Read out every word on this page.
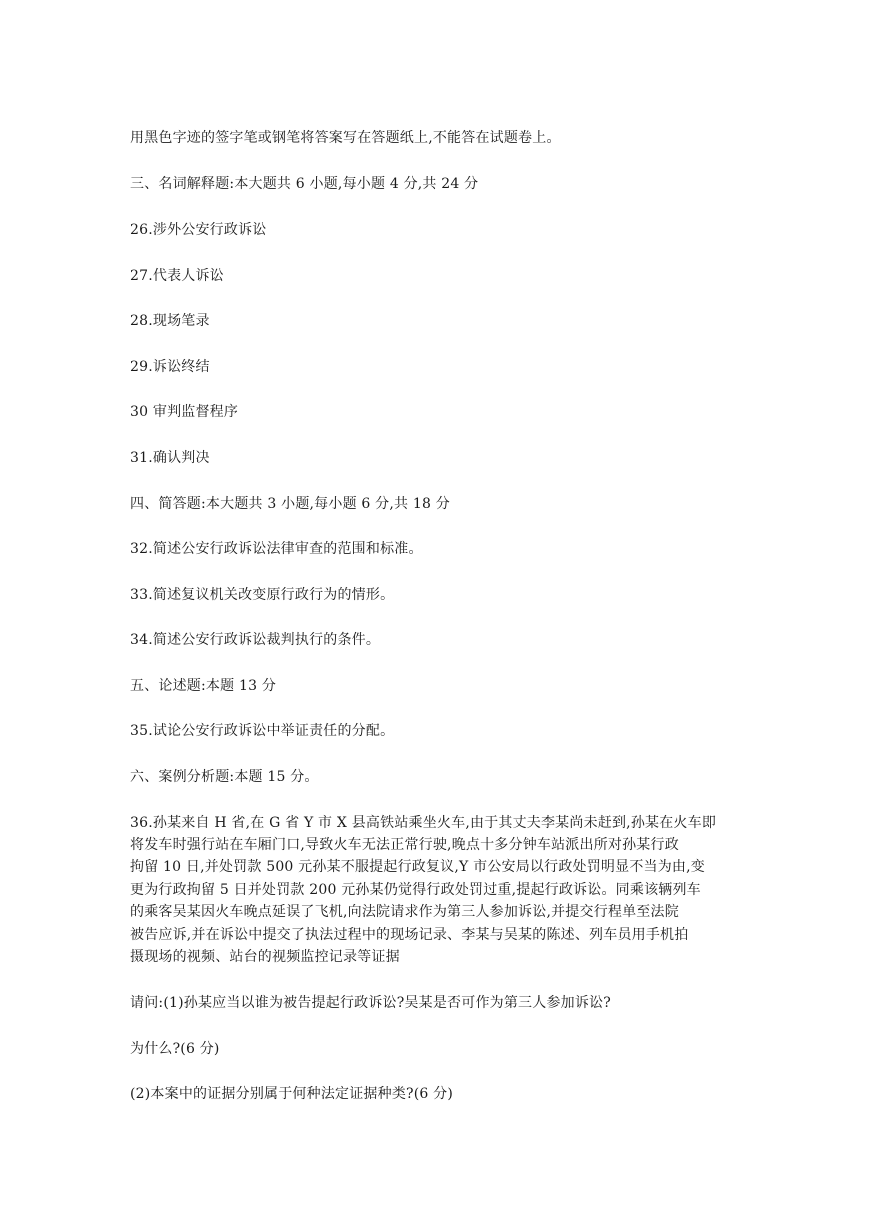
用黑色字迹的签字笔或钢笔将答案写在答题纸上,不能答在试题卷上。
三、名词解释题:本大题共 6 小题,每小题 4 分,共 24 分
26.涉外公安行政诉讼
27.代表人诉讼
28.现场笔录
29.诉讼终结
30 审判监督程序
31.确认判决
四、简答题:本大题共 3 小题,每小题 6 分,共 18 分
32.简述公安行政诉讼法律审查的范围和标准。
33.简述复议机关改变原行政行为的情形。
34.简述公安行政诉讼裁判执行的条件。
五、论述题:本题 13 分
35.试论公安行政诉讼中举证责任的分配。
六、案例分析题:本题 15 分。
36.孙某来自 H 省,在 G 省 Y 市 X 县高铁站乘坐火车,由于其丈夫李某尚未赶到,孙某在火车即
将发车时强行站在车厢门口,导致火车无法正常行驶,晚点十多分钟车站派出所对孙某行政
拘留 10 日,并处罚款 500 元孙某不服提起行政复议,Y 市公安局以行政处罚明显不当为由,变
更为行政拘留 5 日并处罚款 200 元孙某仍觉得行政处罚过重,提起行政诉讼。同乘该辆列车
的乘客吴某因火车晚点延误了飞机,向法院请求作为第三人参加诉讼,并提交行程单至法院
被告应诉,并在诉讼中提交了执法过程中的现场记录、李某与吴某的陈述、列车员用手机拍
摄现场的视频、站台的视频监控记录等证据
请问:(1)孙某应当以谁为被告提起行政诉讼?吴某是否可作为第三人参加诉讼?
为什么?(6 分)
(2)本案中的证据分别属于何种法定证据种类?(6 分)
